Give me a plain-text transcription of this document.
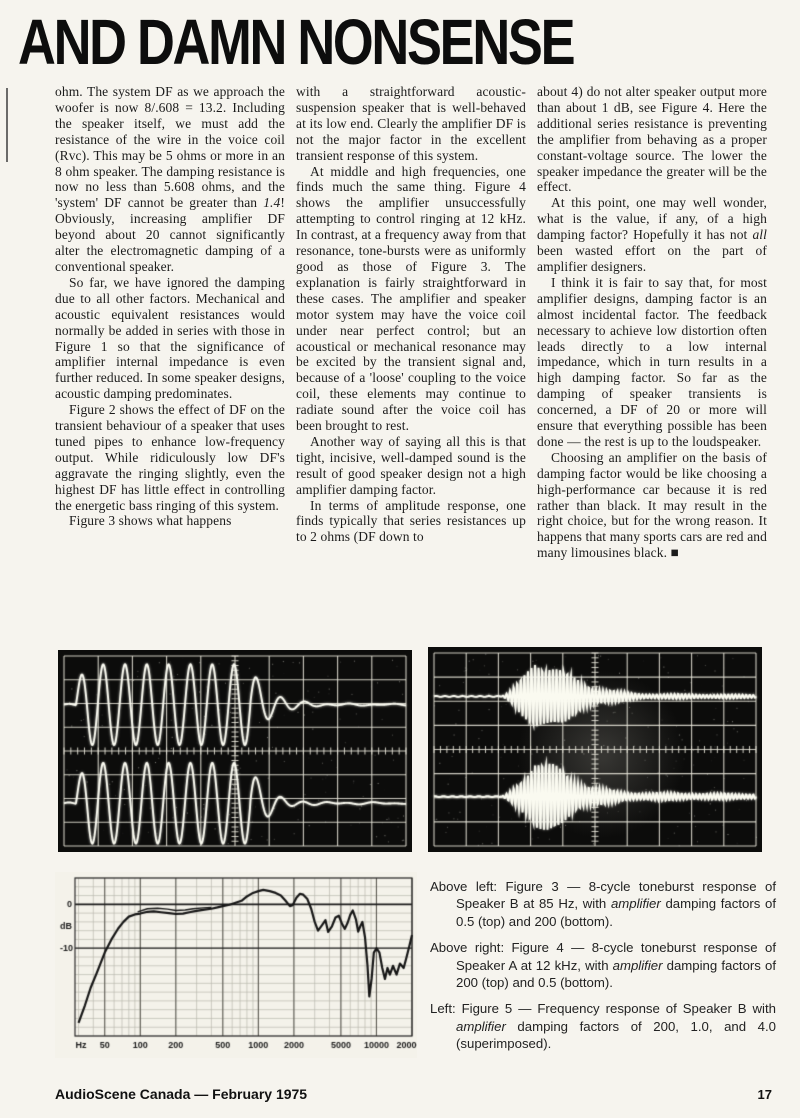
AND DAMN NONSENSE

ohm. The system DF as we approach the woofer is now 8/.608 = 13.2. Including the speaker itself, we must add the resistance of the wire in the voice coil (Rvc). This may be 5 ohms or more in an 8 ohm speaker. The damping resistance is now no less than 5.608 ohms, and the 'system' DF cannot be greater than 1.4! Obviously, increasing amplifier DF beyond about 20 cannot significantly alter the electromagnetic damping of a conventional speaker.

So far, we have ignored the damping due to all other factors. Mechanical and acoustic equivalent resistances would normally be added in series with those in Figure 1 so that the significance of amplifier internal impedance is even further reduced. In some speaker designs, acoustic damping predominates.

Figure 2 shows the effect of DF on the transient behaviour of a speaker that uses tuned pipes to enhance low-frequency output. While ridiculously low DF's aggravate the ringing slightly, even the highest DF has little effect in controlling the energetic bass ringing of this system.

Figure 3 shows what happens

with a straightforward acoustic-suspension speaker that is well-behaved at its low end. Clearly the amplifier DF is not the major factor in the excellent transient response of this system.

At middle and high frequencies, one finds much the same thing. Figure 4 shows the amplifier unsuccessfully attempting to control ringing at 12 kHz. In contrast, at a frequency away from that resonance, tone-bursts were as uniformly good as those of Figure 3. The explanation is fairly straightforward in these cases. The amplifier and speaker motor system may have the voice coil under near perfect control; but an acoustical or mechanical resonance may be excited by the transient signal and, because of a 'loose' coupling to the voice coil, these elements may continue to radiate sound after the voice coil has been brought to rest.

Another way of saying all this is that tight, incisive, well-damped sound is the result of good speaker design not a high amplifier damping factor.

In terms of amplitude response, one finds typically that series resistances up to 2 ohms (DF down to

about 4) do not alter speaker output more than about 1 dB, see Figure 4. Here the additional series resistance is preventing the amplifier from behaving as a proper constant-voltage source. The lower the speaker impedance the greater will be the effect.

At this point, one may well wonder, what is the value, if any, of a high damping factor? Hopefully it has not all been wasted effort on the part of amplifier designers.

I think it is fair to say that, for most amplifier designs, damping factor is an almost incidental factor. The feedback necessary to achieve low distortion often leads directly to a low internal impedance, which in turn results in a high damping factor. So far as the damping of speaker transients is concerned, a DF of 20 or more will ensure that everything possible has been done — the rest is up to the loudspeaker.

Choosing an amplifier on the basis of damping factor would be like choosing a high-performance car because it is red rather than black. It may result in the right choice, but for the wrong reason. It happens that many sports cars are red and many limousines black. ■

Above left: Figure 3 — 8-cycle toneburst response of Speaker B at 85 Hz, with amplifier damping factors of 0.5 (top) and 200 (bottom).

Above right: Figure 4 — 8-cycle toneburst response of Speaker A at 12 kHz, with amplifier damping factors of 200 (top) and 0.5 (bottom).

Left: Figure 5 — Frequency response of Speaker B with amplifier damping factors of 200, 1.0, and 4.0 (superimposed).

AudioScene Canada — February 1975	17
